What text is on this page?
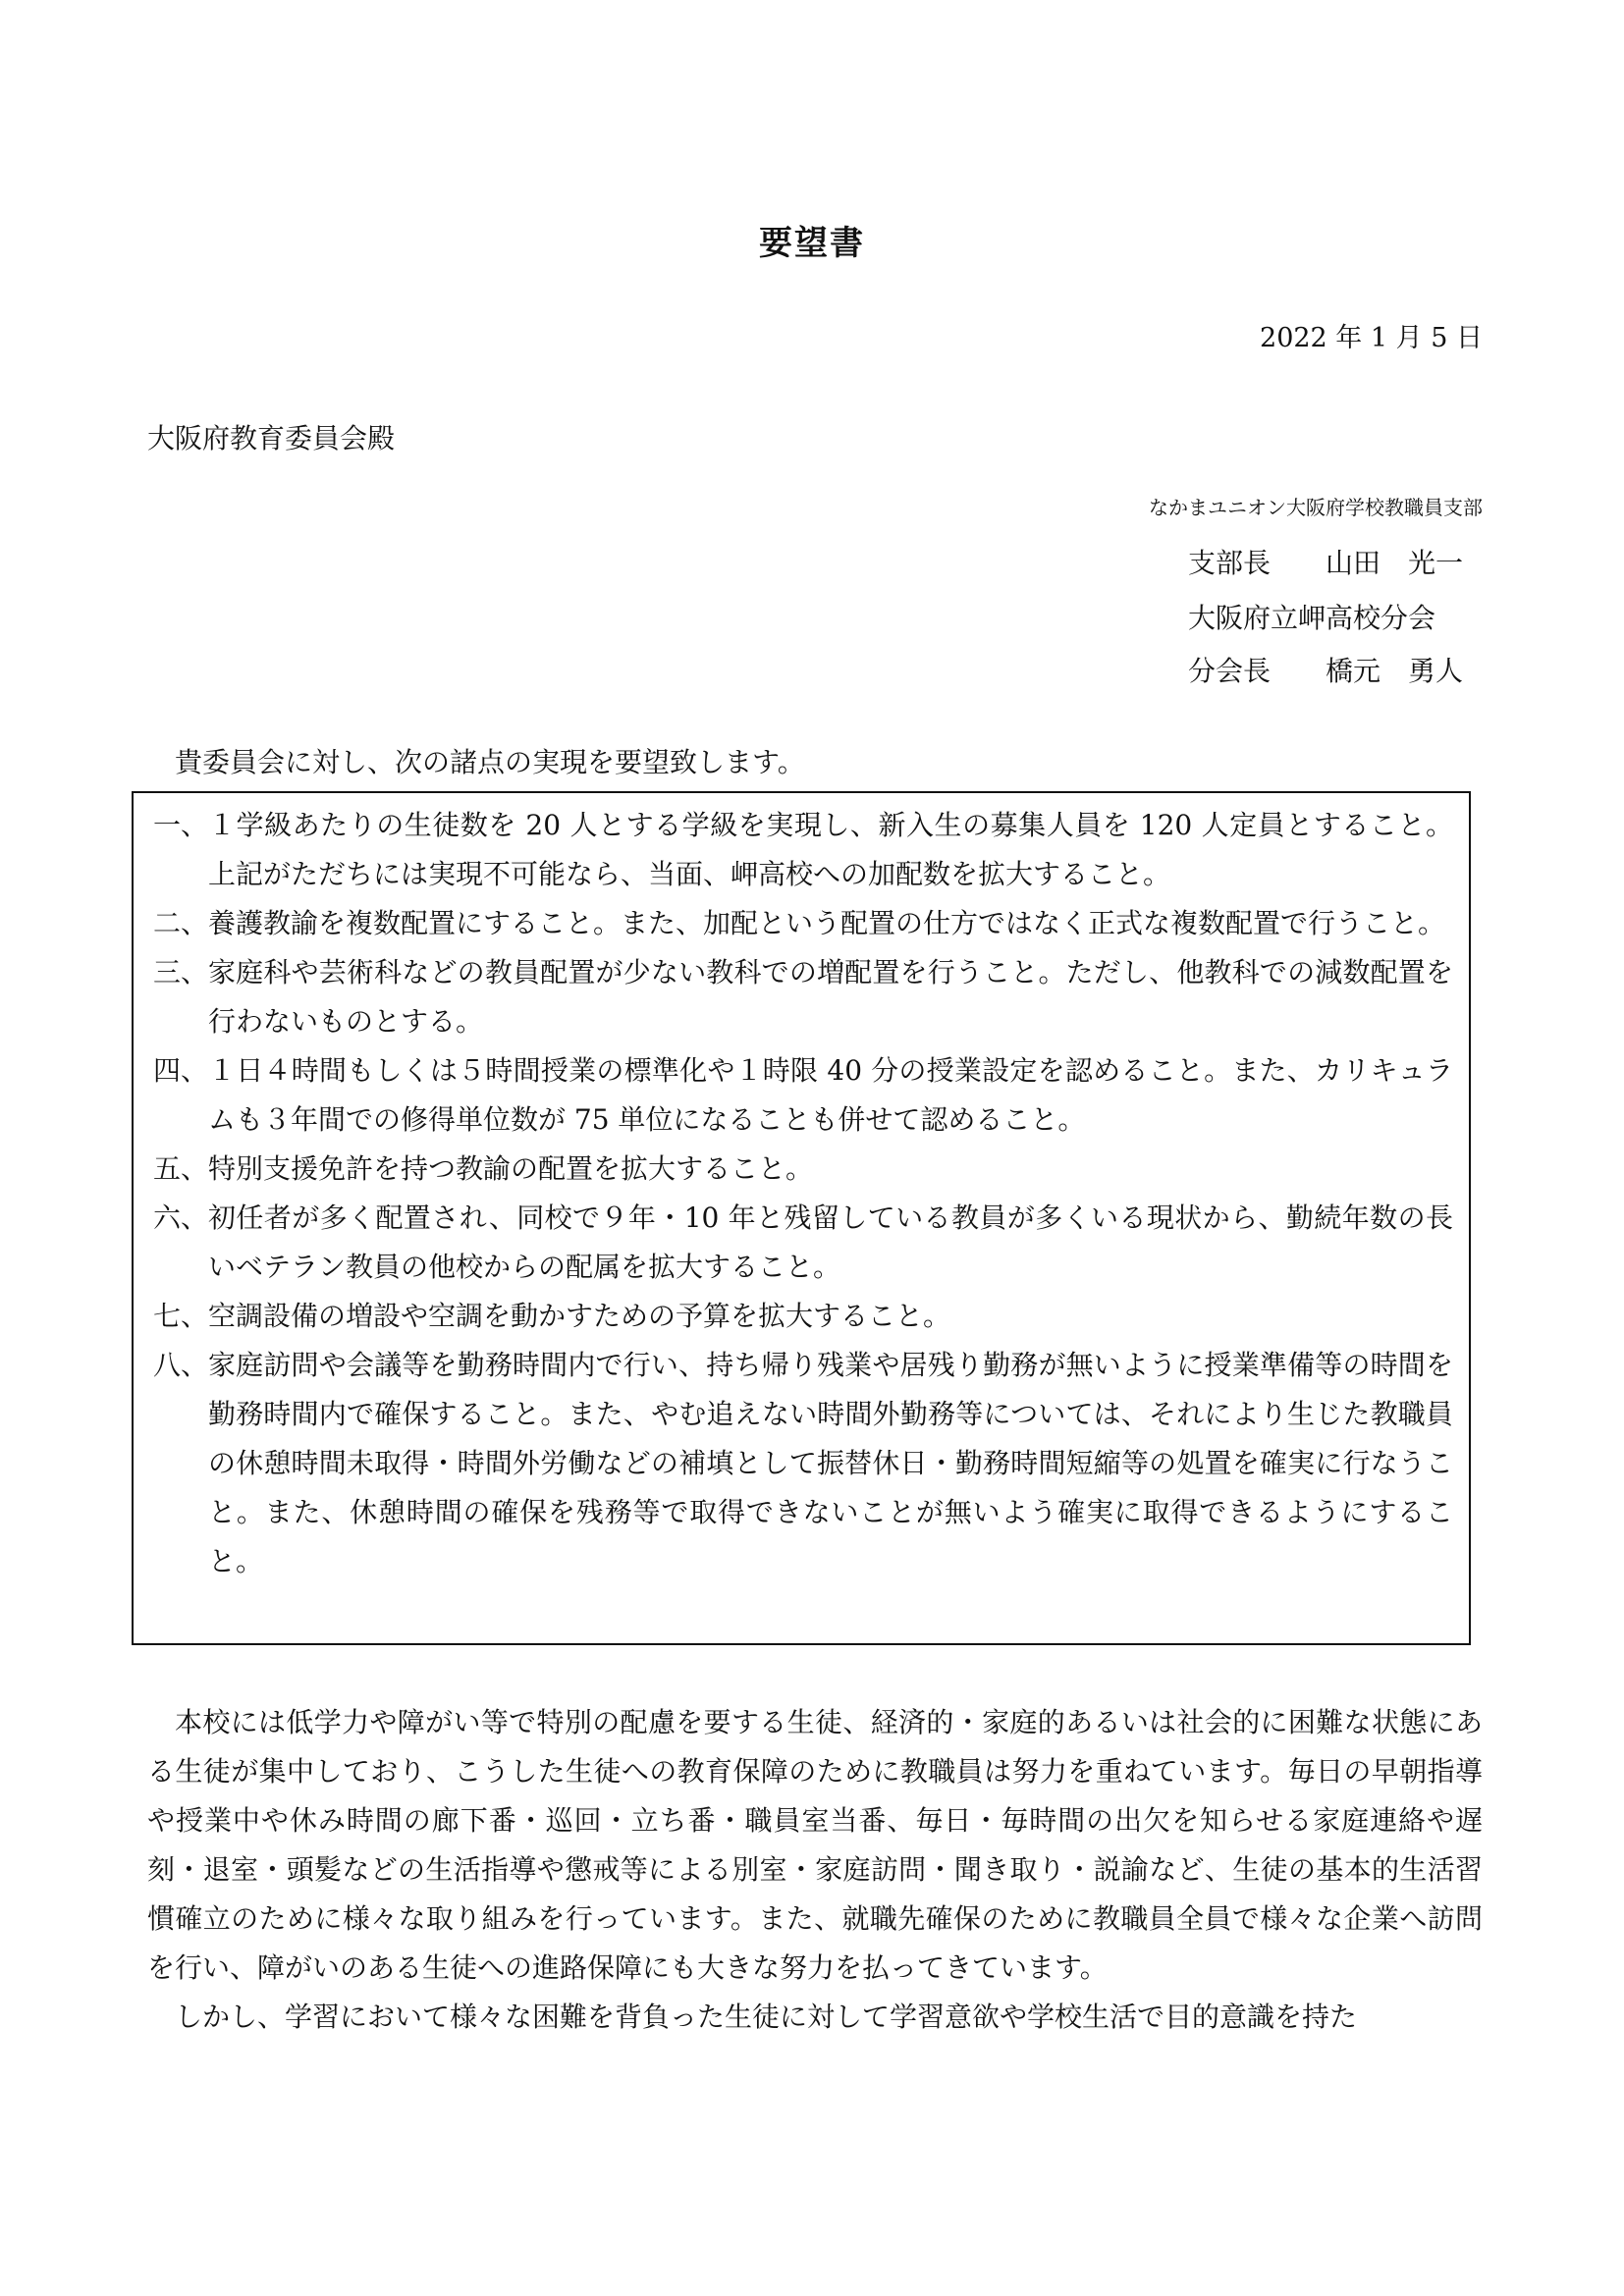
要望書
2022 年 1 月 5 日
大阪府教育委員会殿
なかまユニオン大阪府学校教職員支部
支部長　　山田　光一
大阪府立岬高校分会
分会長　　橋元　勇人
貴委員会に対し、次の諸点の実現を要望致します。
一、 １学級あたりの生徒数を 20 人とする学級を実現し、新入生の募集人員を 120 人定員とすること。上記がただちには実現不可能なら、当面、岬高校への加配数を拡大すること。
二、 養護教諭を複数配置にすること。また、加配という配置の仕方ではなく正式な複数配置で行うこと。
三、 家庭科や芸術科などの教員配置が少ない教科での増配置を行うこと。ただし、他教科での減数配置を行わないものとする。
四、 １日４時間もしくは５時間授業の標準化や１時限 40 分の授業設定を認めること。また、カリキュラムも３年間での修得単位数が 75 単位になることも併せて認めること。
五、 特別支援免許を持つ教諭の配置を拡大すること。
六、 初任者が多く配置され、同校で９年・10 年と残留している教員が多くいる現状から、勤続年数の長いベテラン教員の他校からの配属を拡大すること。
七、 空調設備の増設や空調を動かすための予算を拡大すること。
八、 家庭訪問や会議等を勤務時間内で行い、持ち帰り残業や居残り勤務が無いように授業準備等の時間を勤務時間内で確保すること。また、やむ追えない時間外勤務等については、それにより生じた教職員の休憩時間未取得・時間外労働などの補填として振替休日・勤務時間短縮等の処置を確実に行なうこと。また、休憩時間の確保を残務等で取得できないことが無いよう確実に取得できるようにすること。

本校には低学力や障がい等で特別の配慮を要する生徒、経済的・家庭的あるいは社会的に困難な状態にある生徒が集中しており、こうした生徒への教育保障のために教職員は努力を重ねています。毎日の早朝指導や授業中や休み時間の廊下番・巡回・立ち番・職員室当番、毎日・毎時間の出欠を知らせる家庭連絡や遅刻・退室・頭髪などの生活指導や懲戒等による別室・家庭訪問・聞き取り・説諭など、生徒の基本的生活習慣確立のために様々な取り組みを行っています。また、就職先確保のために教職員全員で様々な企業へ訪問を行い、障がいのある生徒への進路保障にも大きな努力を払ってきています。

しかし、学習において様々な困難を背負った生徒に対して学習意欲や学校生活で目的意識を持た
